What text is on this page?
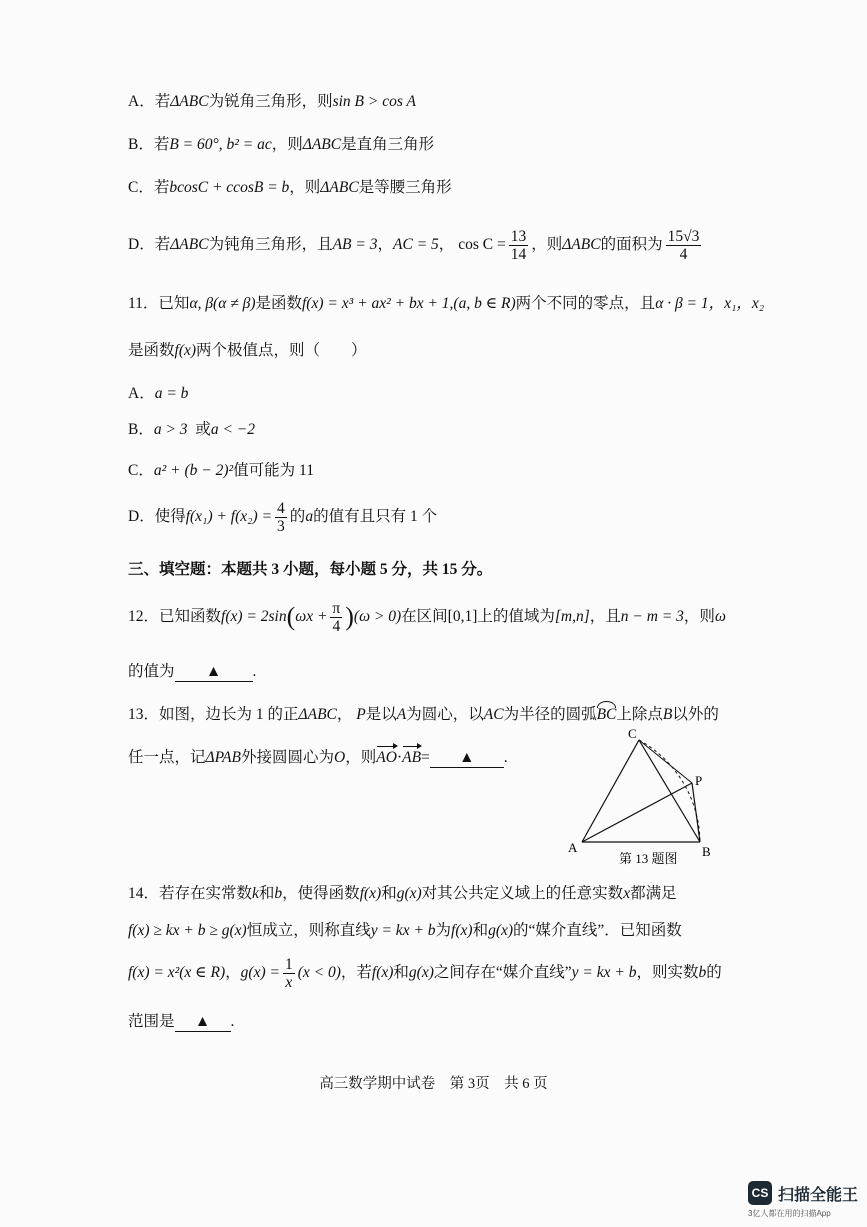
A．若ΔABC为锐角三角形，则sin B > cos A
B．若B = 60°, b² = ac，则ΔABC是直角三角形
C．若bcosC + ccosB = b，则ΔABC是等腰三角形
D．若ΔABC为钝角三角形，且AB = 3，AC = 5， $\cos C = \frac{13}{14}$ ，则ΔABC的面积为 $\frac{15√3}{4}$
11．已知α, β(α ≠ β)是函数f(x) = x³ + ax² + bx + 1,(a, b ∈ R)两个不同的零点，且α · β = 1，x₁，x₂
是函数f(x)两个极值点，则（　　）
A．a = b
B．a > 3 或a < −2
C．a² + (b − 2)²值可能为 11
D．使得$f(x_1) + f(x_2) = \frac{4}{3}$ 的a的值有且只有 1 个
三、填空题：本题共 3 小题，每小题 5 分，共 15 分。
12．已知函数$f(x) = 2\sin(\omega x + \frac{\pi}{4} )(\omega > 0)$在区间[0,1]上的值域为[m,n]，且n − m = 3，则ω
的值为 ▲ .
13．如图，边长为 1 的正ΔABC， P是以A为圆心，以AC为半径的圆弧BC上除点B以外的
任一点，记ΔPAB外接圆圆心为O，则AO·AB= ▲ .
A	B
C
P
第 13 题图
14．若存在实常数k和b，使得函数f(x)和g(x)对其公共定义域上的任意实数x都满足
f(x) ≥ kx + b ≥ g(x)恒成立，则称直线y = kx + b为f(x)和g(x)的“媒介直线”．已知函数
f(x) = x²(x ∈ R)，$g(x) = \frac{1}{x} (x < 0)$，若f(x)和g(x)之间存在“媒介直线”y = kx + b，则实数b的
范围是 ▲ .
高三数学期中试卷　第 3页　共 6 页
CS 扫描全能王
3亿人都在用的扫描App
